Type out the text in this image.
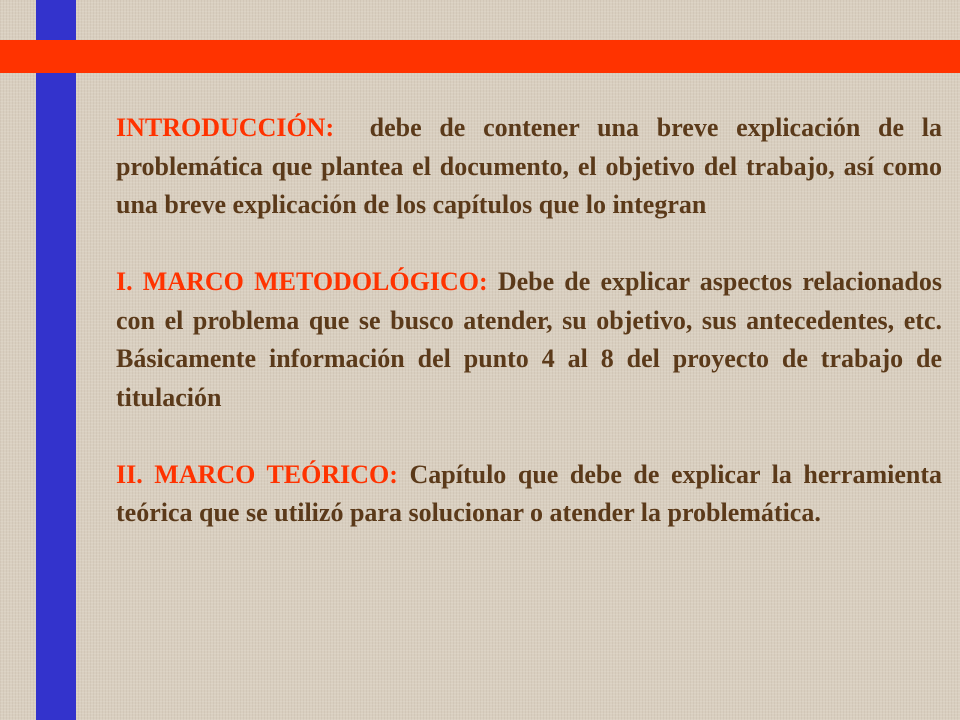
INTRODUCCIÓN: debe de contener una breve explicación de la problemática que plantea el documento, el objetivo del trabajo, así como una breve explicación de los capítulos que lo integran

I. MARCO METODOLÓGICO: Debe de explicar aspectos relacionados con el problema que se busco atender, su objetivo, sus antecedentes, etc. Básicamente información del punto 4 al 8 del proyecto de trabajo de titulación

II. MARCO TEÓRICO: Capítulo que debe de explicar la herramienta teórica que se utilizó para solucionar o atender la problemática.
